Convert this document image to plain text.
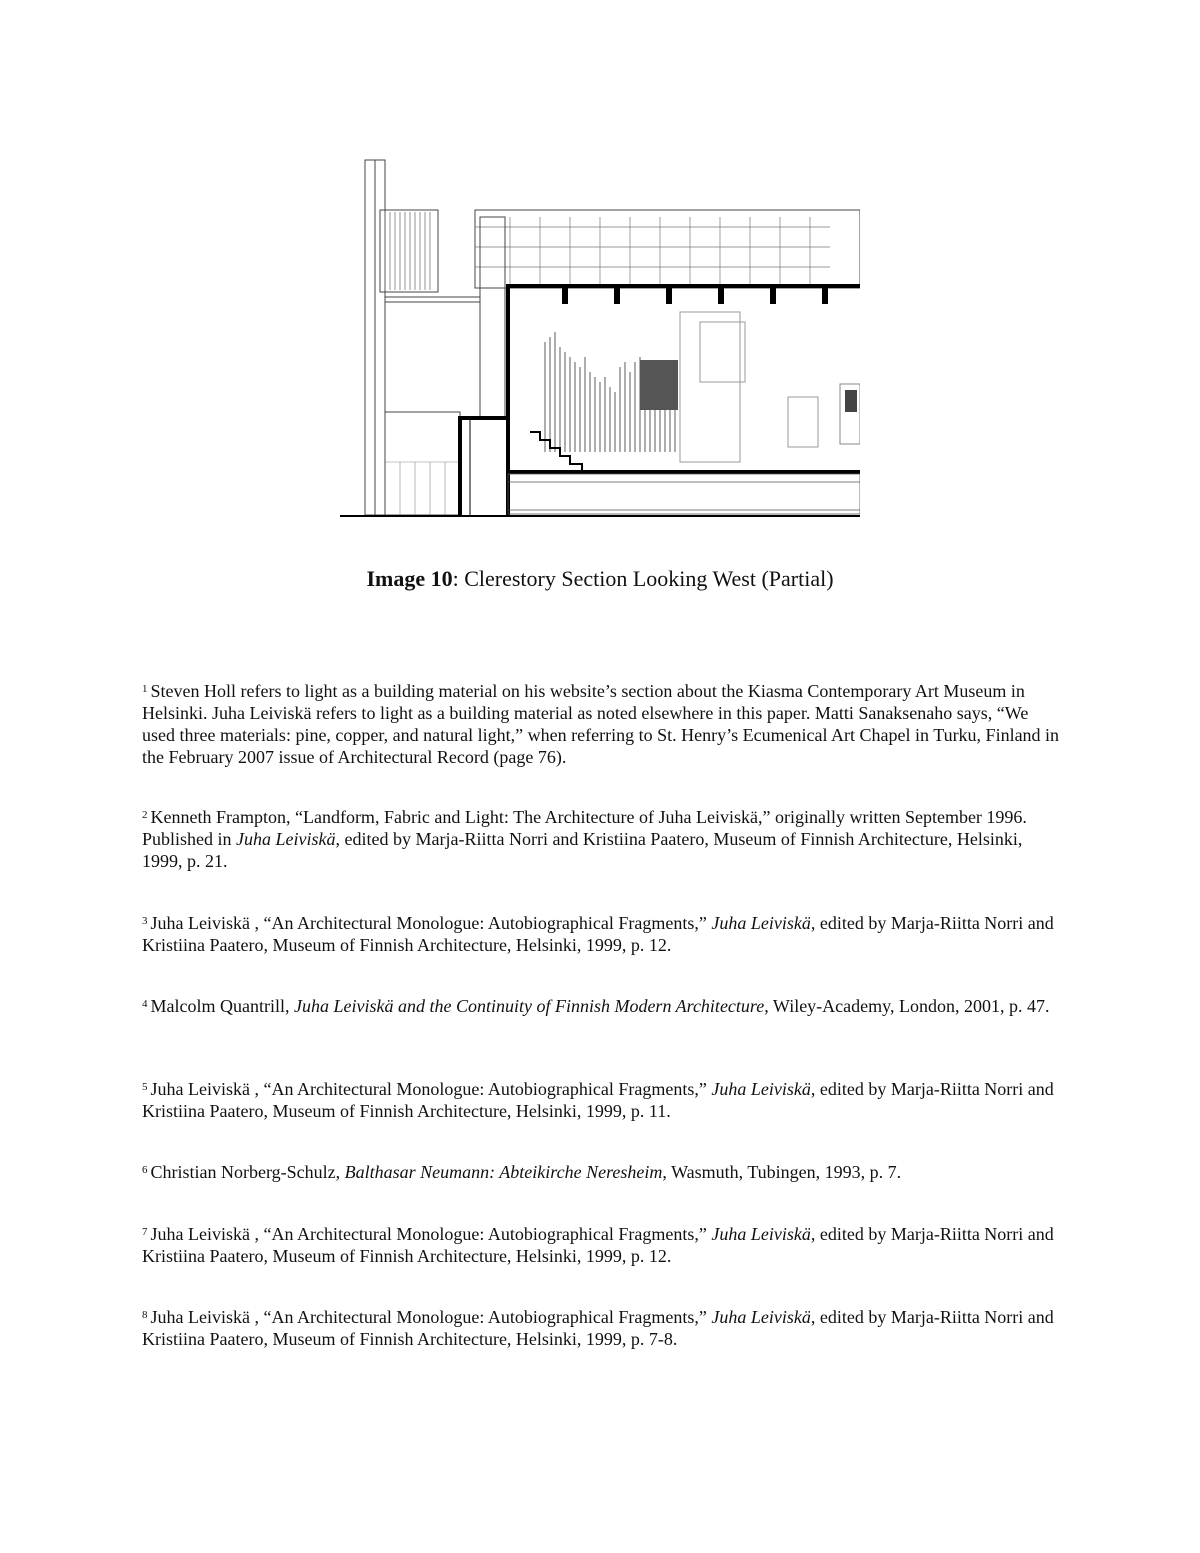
Image 10: Clerestory Section Looking West (Partial)
$^1$ Steven Holl refers to light as a building material on his website’s section about the Kiasma Contemporary Art Museum in Helsinki. Juha Leiviskä refers to light as a building material as noted elsewhere in this paper. Matti Sanaksenaho says, “We used three materials: pine, copper, and natural light,” when referring to St. Henry’s Ecumenical Art Chapel in Turku, Finland in the February 2007 issue of Architectural Record (page 76).
$^2$ Kenneth Frampton, “Landform, Fabric and Light: The Architecture of Juha Leiviskä,” originally written September 1996. Published in Juha Leiviskä, edited by Marja-Riitta Norri and Kristiina Paatero, Museum of Finnish Architecture, Helsinki, 1999, p. 21.
$^3$ Juha Leiviskä , “An Architectural Monologue: Autobiographical Fragments,” Juha Leiviskä, edited by Marja-Riitta Norri and Kristiina Paatero, Museum of Finnish Architecture, Helsinki, 1999, p. 12.
$^4$ Malcolm Quantrill, Juha Leiviskä and the Continuity of Finnish Modern Architecture, Wiley-Academy, London, 2001, p. 47.
$^5$ Juha Leiviskä , “An Architectural Monologue: Autobiographical Fragments,” Juha Leiviskä, edited by Marja-Riitta Norri and Kristiina Paatero, Museum of Finnish Architecture, Helsinki, 1999, p. 11.
$^6$ Christian Norberg-Schulz, Balthasar Neumann: Abteikirche Neresheim, Wasmuth, Tubingen, 1993, p. 7.
$^7$ Juha Leiviskä , “An Architectural Monologue: Autobiographical Fragments,” Juha Leiviskä, edited by Marja-Riitta Norri and Kristiina Paatero, Museum of Finnish Architecture, Helsinki, 1999, p. 12.
$^8$ Juha Leiviskä , “An Architectural Monologue: Autobiographical Fragments,” Juha Leiviskä, edited by Marja-Riitta Norri and Kristiina Paatero, Museum of Finnish Architecture, Helsinki, 1999, p. 7-8.
